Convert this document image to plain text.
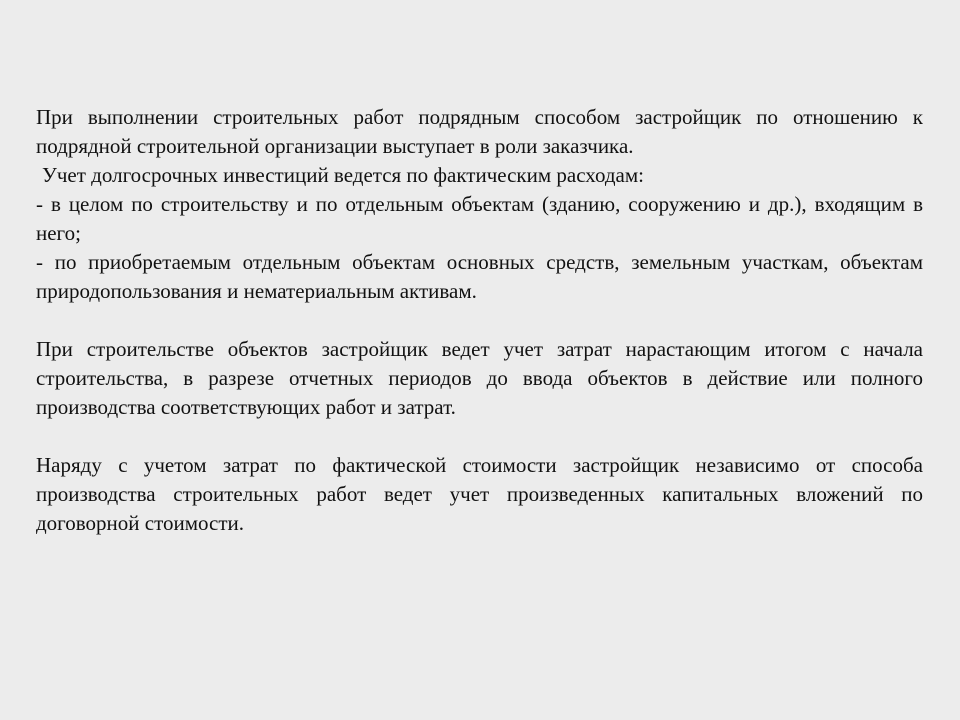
При выполнении строительных работ подрядным способом застройщик по отношению к подрядной строительной организации выступает в роли заказчика.

Учет долгосрочных инвестиций ведется по фактическим расходам:

- в целом по строительству и по отдельным объектам (зданию, сооружению и др.), входящим в него;

- по приобретаемым отдельным объектам основных средств, земельным участкам, объектам природопользования и нематериальным активам.

При строительстве объектов застройщик ведет учет затрат нарастающим итогом с начала строительства, в разрезе отчетных периодов до ввода объектов в действие или полного производства соответствующих работ и затрат.

Наряду с учетом затрат по фактической стоимости застройщик независимо от способа производства строительных работ ведет учет произведенных капитальных вложений по договорной стоимости.
